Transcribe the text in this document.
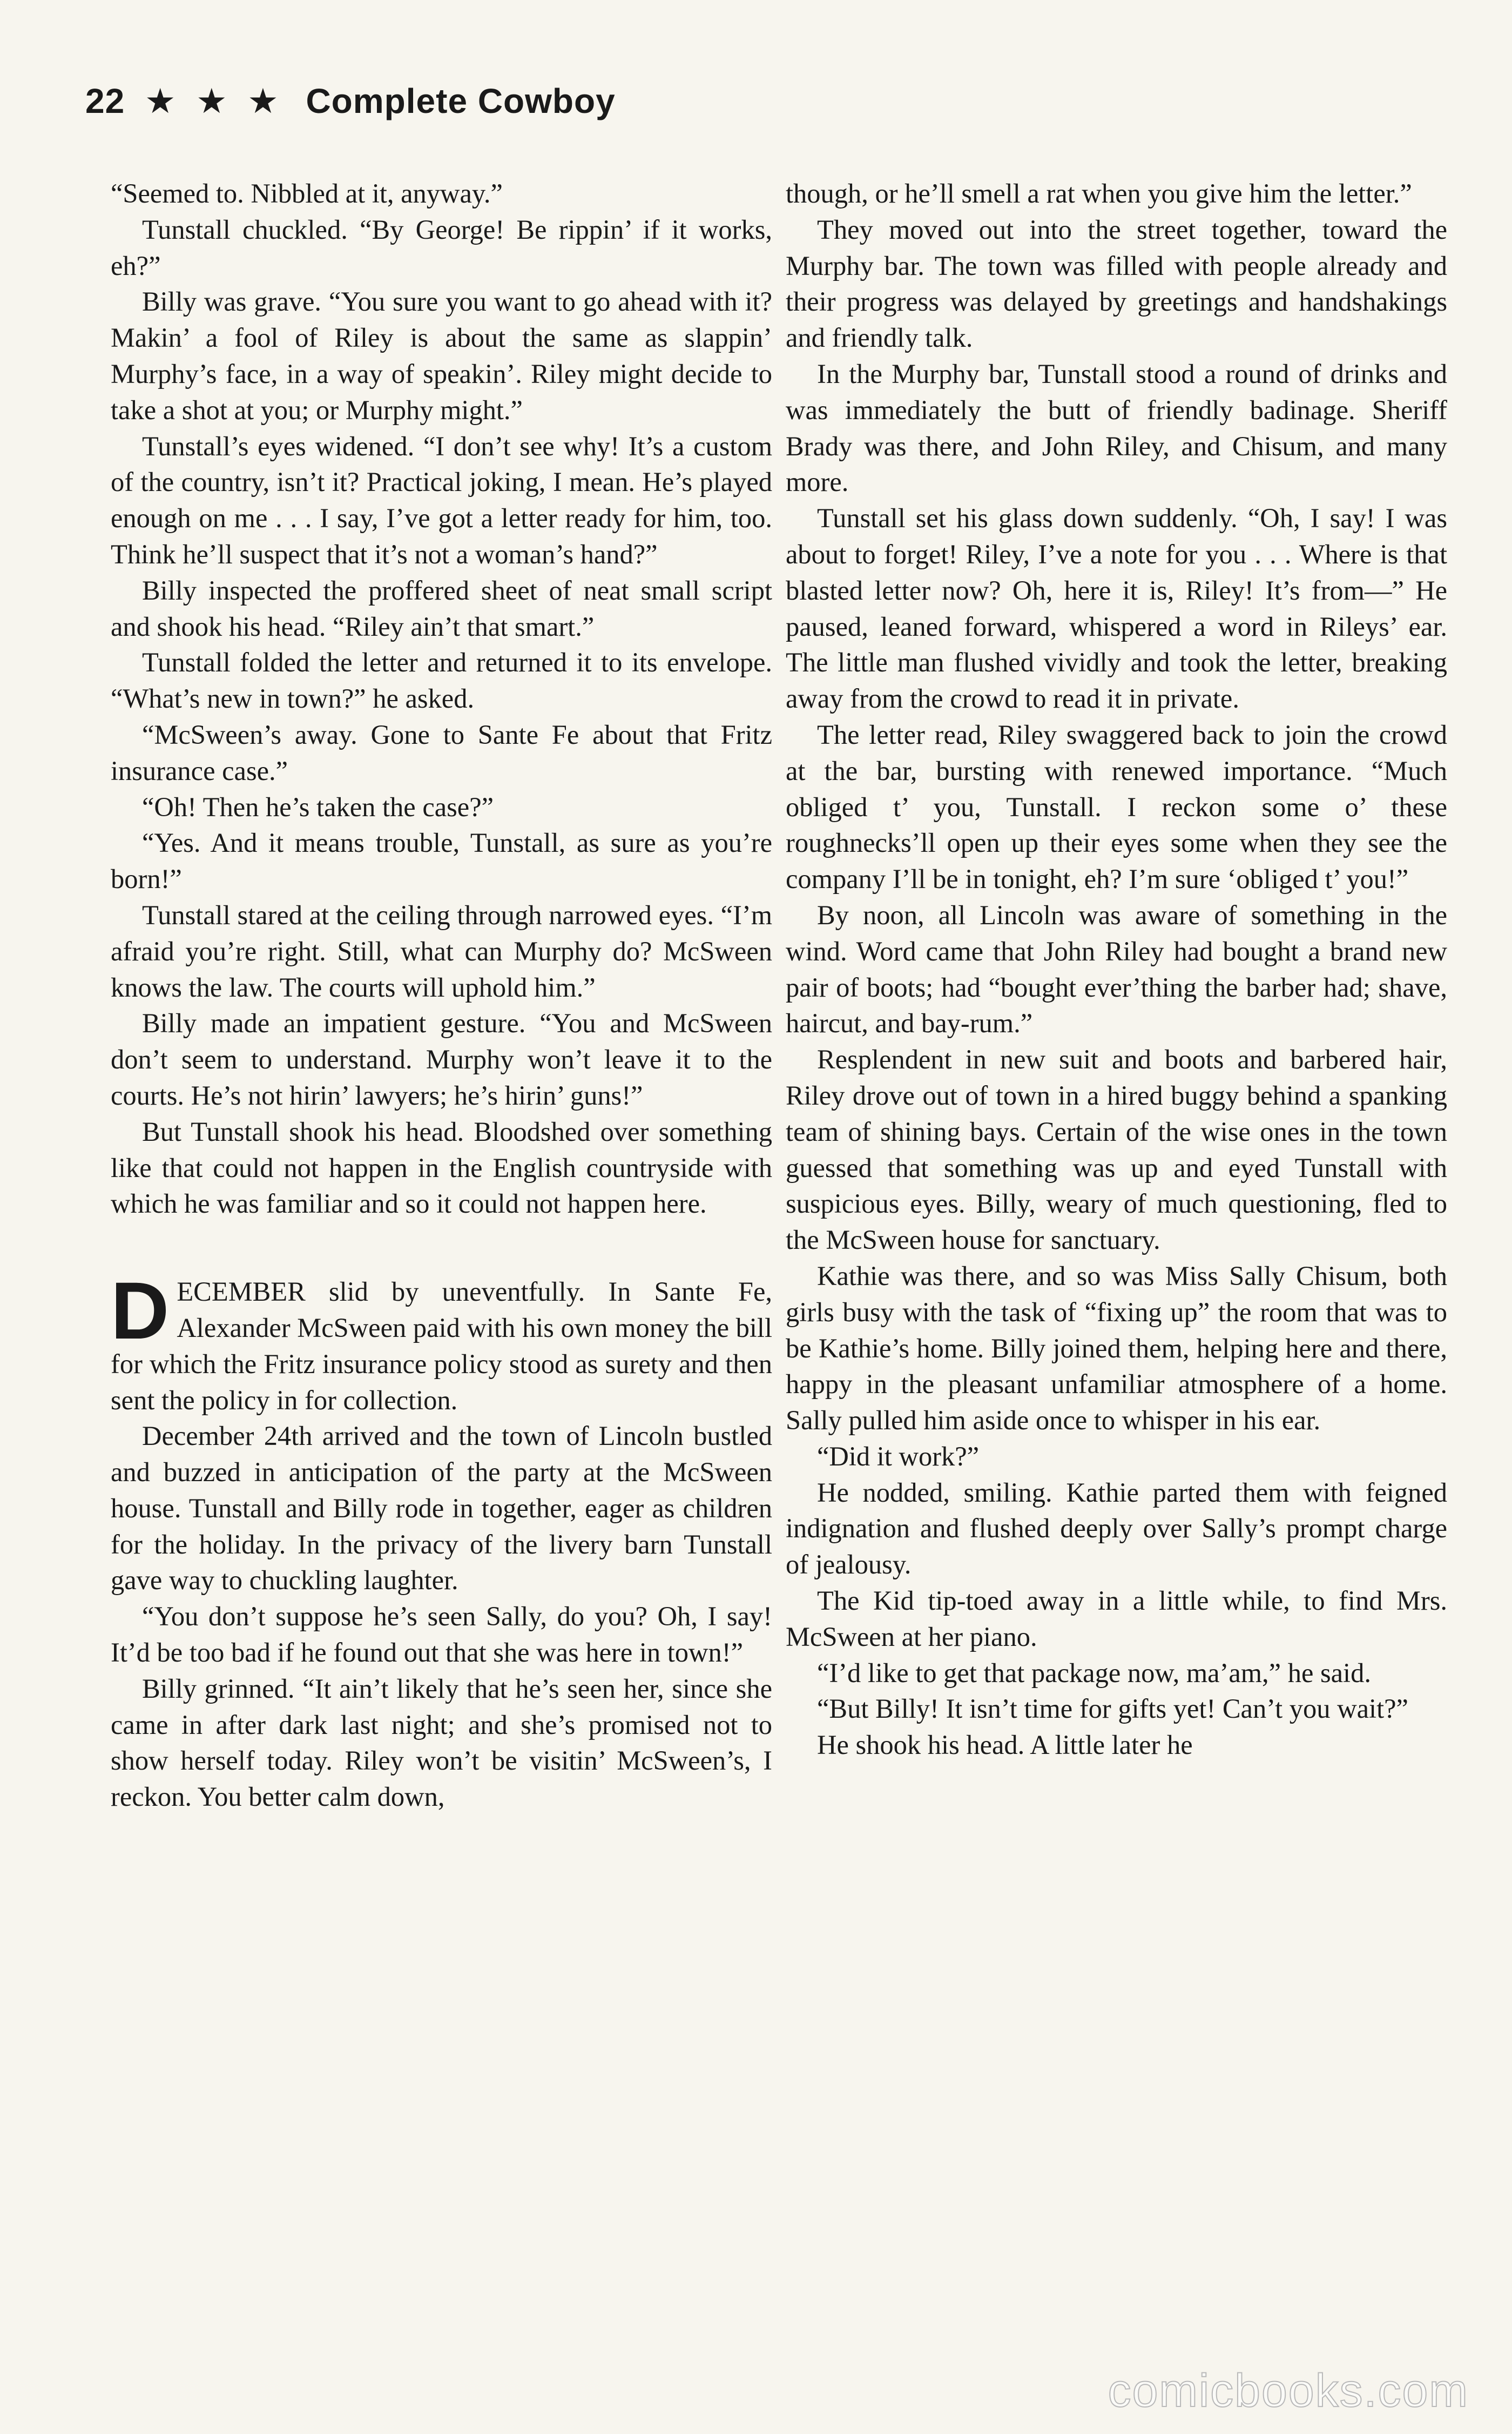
22 ★ ★ ★ Complete Cowboy

“Seemed to. Nibbled at it, anyway.”

Tunstall chuckled. “By George! Be rippin’ if it works, eh?”

Billy was grave. “You sure you want to go ahead with it? Makin’ a fool of Riley is about the same as slappin’ Murphy’s face, in a way of speakin’. Riley might decide to take a shot at you; or Murphy might.”

Tunstall’s eyes widened. “I don’t see why! It’s a custom of the country, isn’t it? Practical joking, I mean. He’s played enough on me . . . I say, I’ve got a letter ready for him, too. Think he’ll suspect that it’s not a woman’s hand?”

Billy inspected the proffered sheet of neat small script and shook his head. “Riley ain’t that smart.”

Tunstall folded the letter and returned it to its envelope. “What’s new in town?” he asked.

“McSween’s away. Gone to Sante Fe about that Fritz insurance case.”

“Oh! Then he’s taken the case?”

“Yes. And it means trouble, Tunstall, as sure as you’re born!”

Tunstall stared at the ceiling through narrowed eyes. “I’m afraid you’re right. Still, what can Murphy do? McSween knows the law. The courts will uphold him.”

Billy made an impatient gesture. “You and McSween don’t seem to understand. Murphy won’t leave it to the courts. He’s not hirin’ lawyers; he’s hirin’ guns!”

But Tunstall shook his head. Bloodshed over something like that could not happen in the English countryside with which he was familiar and so it could not happen here.

DECEMBER slid by uneventfully. In Sante Fe, Alexander McSween paid with his own money the bill for which the Fritz insurance policy stood as surety and then sent the policy in for collection.

December 24th arrived and the town of Lincoln bustled and buzzed in anticipation of the party at the McSween house. Tunstall and Billy rode in together, eager as children for the holiday. In the privacy of the livery barn Tunstall gave way to chuckling laughter.

“You don’t suppose he’s seen Sally, do you? Oh, I say! It’d be too bad if he found out that she was here in town!”

Billy grinned. “It ain’t likely that he’s seen her, since she came in after dark last night; and she’s promised not to show herself today. Riley won’t be visitin’ McSween’s, I reckon. You better calm down,

though, or he’ll smell a rat when you give him the letter.”

They moved out into the street together, toward the Murphy bar. The town was filled with people already and their progress was delayed by greetings and handshakings and friendly talk.

In the Murphy bar, Tunstall stood a round of drinks and was immediately the butt of friendly badinage. Sheriff Brady was there, and John Riley, and Chisum, and many more.

Tunstall set his glass down suddenly. “Oh, I say! I was about to forget! Riley, I’ve a note for you . . . Where is that blasted letter now? Oh, here it is, Riley! It’s from—” He paused, leaned forward, whispered a word in Rileys’ ear. The little man flushed vividly and took the letter, breaking away from the crowd to read it in private.

The letter read, Riley swaggered back to join the crowd at the bar, bursting with renewed importance. “Much obliged t’ you, Tunstall. I reckon some o’ these roughnecks’ll open up their eyes some when they see the company I’ll be in tonight, eh? I’m sure ‘obliged t’ you!”

By noon, all Lincoln was aware of something in the wind. Word came that John Riley had bought a brand new pair of boots; had “bought ever’thing the barber had; shave, haircut, and bay-rum.”

Resplendent in new suit and boots and barbered hair, Riley drove out of town in a hired buggy behind a spanking team of shining bays. Certain of the wise ones in the town guessed that something was up and eyed Tunstall with suspicious eyes. Billy, weary of much questioning, fled to the McSween house for sanctuary.

Kathie was there, and so was Miss Sally Chisum, both girls busy with the task of “fixing up” the room that was to be Kathie’s home. Billy joined them, helping here and there, happy in the pleasant unfamiliar atmosphere of a home. Sally pulled him aside once to whisper in his ear.

“Did it work?”

He nodded, smiling. Kathie parted them with feigned indignation and flushed deeply over Sally’s prompt charge of jealousy.

The Kid tip-toed away in a little while, to find Mrs. McSween at her piano.

“I’d like to get that package now, ma’am,” he said.

“But Billy! It isn’t time for gifts yet! Can’t you wait?”

He shook his head. A little later he

comicbooks.com
